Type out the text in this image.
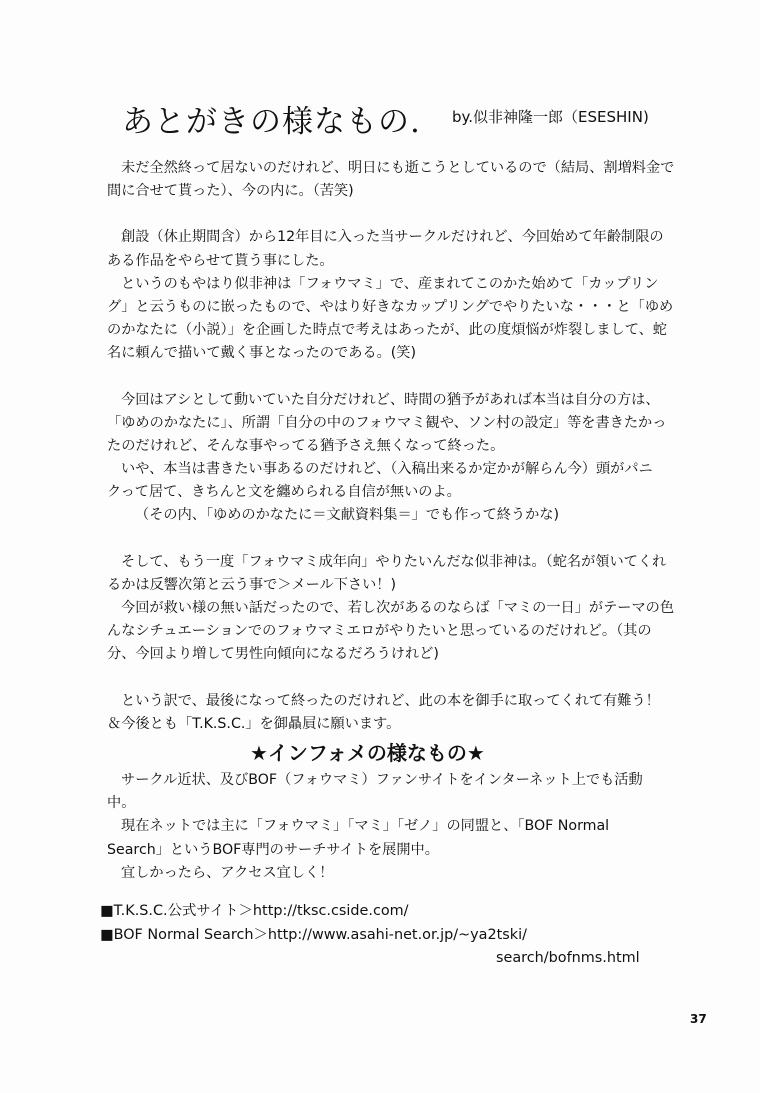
あとがきの様なもの. by.似非神隆一郎（ESESHIN)
未だ全然終って居ないのだけれど、明日にも逝こうとしているので（結局、割増料金で
間に合せて貰った）、今の内に。（苦笑)
創設（休止期間含）から12年目に入った当サークルだけれど、今回始めて年齢制限の
ある作品をやらせて貰う事にした。
というのもやはり似非神は「フォウマミ」で、産まれてこのかた始めて「カップリン
グ」と云うものに嵌ったもので、やはり好きなカップリングでやりたいな・・・と「ゆめ
のかなたに（小説）」を企画した時点で考えはあったが、此の度煩悩が炸裂しまして、蛇
名に頼んで描いて戴く事となったのである。(笑)
今回はアシとして動いていた自分だけれど、時間の猶予があれば本当は自分の方は、
「ゆめのかなたに」、所謂「自分の中のフォウマミ観や、ソン村の設定」等を書きたかっ
たのだけれど、そんな事やってる猶予さえ無くなって終った。
いや、本当は書きたい事あるのだけれど、（入稿出来るか定かが解らん今）頭がパニ
クって居て、きちんと文を纏められる自信が無いのよ。
（その内、「ゆめのかなたに＝文献資料集＝」でも作って終うかな)
そして、もう一度「フォウマミ成年向」やりたいんだな似非神は。（蛇名が領いてくれ
るかは反響次第と云う事で＞メール下さい！)
今回が救い様の無い話だったので、若し次があるのならば「マミの一日」がテーマの色
んなシチュエーションでのフォウマミエロがやりたいと思っているのだけれど。（其の
分、今回より増して男性向傾向になるだろうけれど)
という訳で、最後になって終ったのだけれど、此の本を御手に取ってくれて有難う！
＆今後とも「T.K.S.C.」を御贔屓に願います。
★インフォメの様なもの★
サークル近状、及びBOF（フォウマミ）ファンサイトをインターネット上でも活動
中。
現在ネットでは主に「フォウマミ」「マミ」「ゼノ」の同盟と、「BOF Normal
Search」というBOF専門のサーチサイトを展開中。
宜しかったら、アクセス宜しく！
■T.K.S.C.公式サイト＞http://tksc.cside.com/
■BOF Normal Search＞http://www.asahi-net.or.jp/~ya2tski/
search/bofnms.html
37
